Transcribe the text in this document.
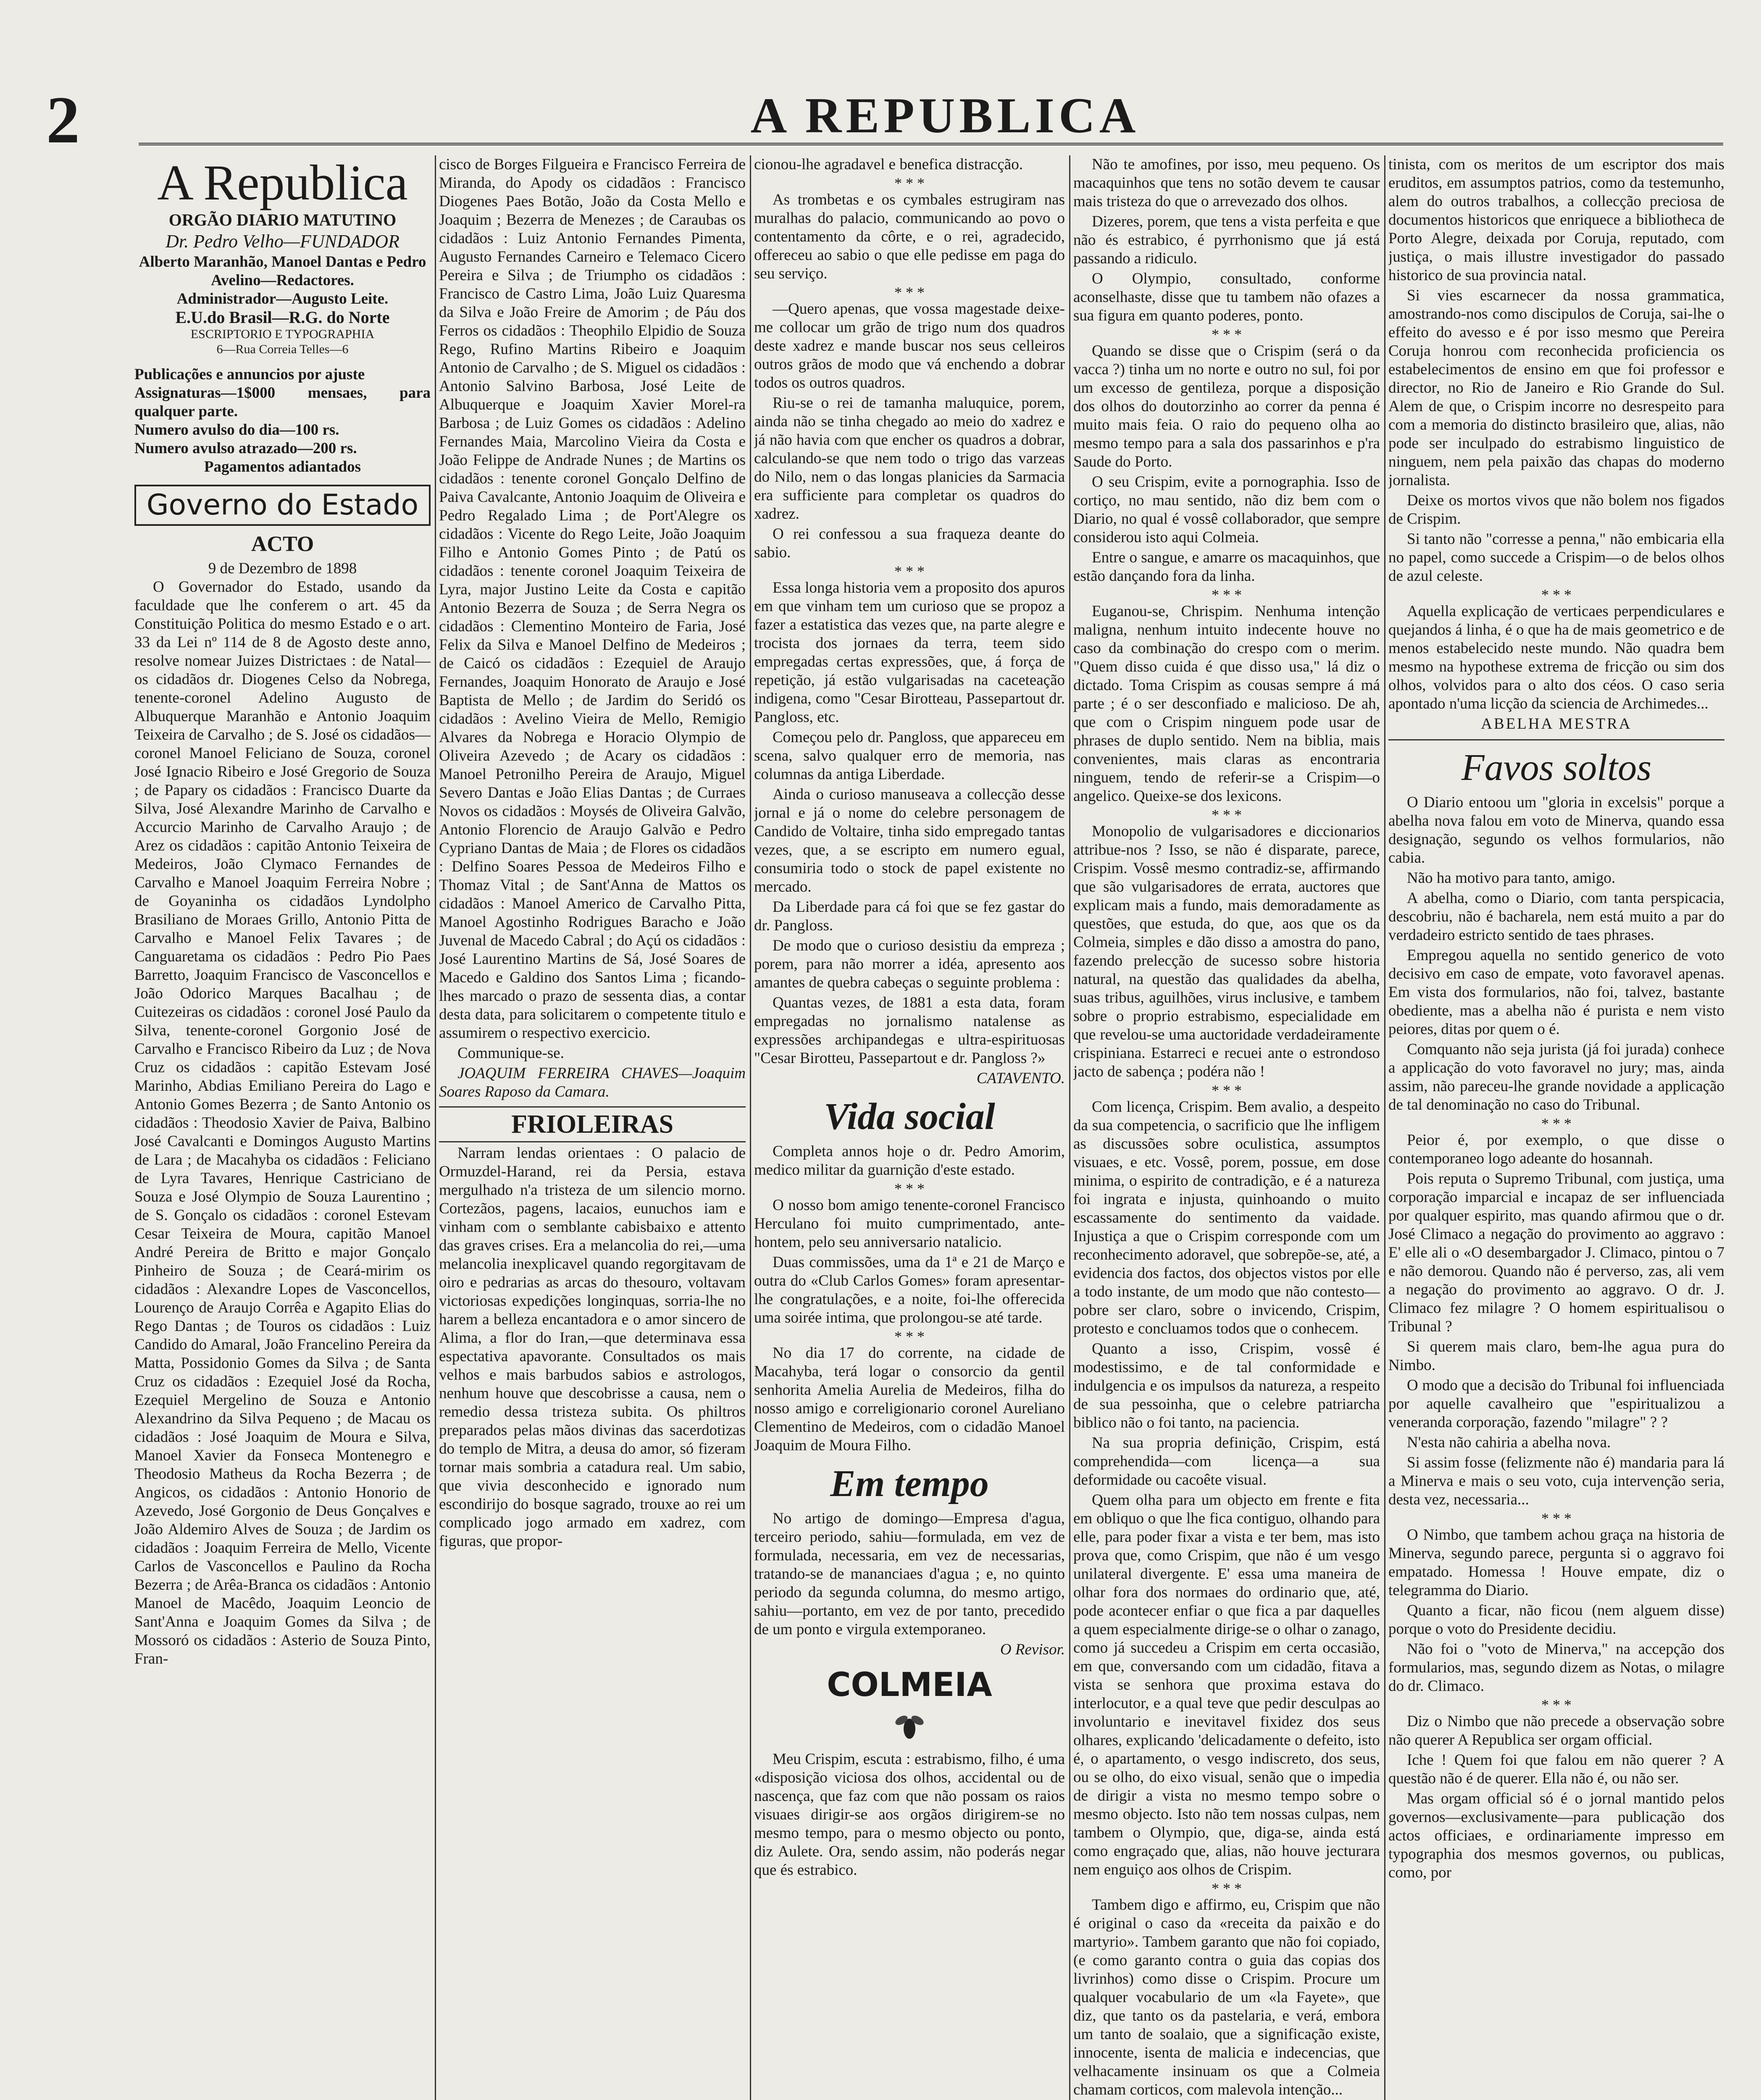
2	A REPUBLICA
A Republica
ORGÃO DIARIO MATUTINO
Dr. Pedro Velho—FUNDADOR
Alberto Maranhão, Manoel Dantas e Pedro Avelino—Redactores.
Administrador—Augusto Leite.
E.U.do Brasil—R.G. do Norte
ESCRIPTORIO E TYPOGRAPHIA
6—Rua Correia Telles—6
Publicações e annuncios por ajuste
Assignaturas—1$000 mensaes, para qualquer parte.
Numero avulso do dia—100 rs.
Numero avulso atrazado—200 rs.
Pagamentos adiantados
Governo do Estado
ACTO
9 de Dezembro de 1898

O Governador do Estado, usando da faculdade que lhe conferem o art. 45 da Constituição Politica do mesmo Estado e o art. 33 da Lei nº 114 de 8 de Agosto deste anno, resolve nomear Juizes Districtaes : de Natal—os cidadãos dr. Diogenes Celso da Nobrega, tenente-coronel Adelino Augusto de Albuquerque Maranhão e Antonio Joaquim Teixeira de Carvalho ; de S. José os cidadãos—coronel Manoel Feliciano de Souza, coronel José Ignacio Ribeiro e José Gregorio de Souza ; de Papary os cidadãos : Francisco Duarte da Silva, José Alexandre Marinho de Carvalho e Accurcio Marinho de Carvalho Araujo ; de Arez os cidadãos : capitão Antonio Teixeira de Medeiros, João Clymaco Fernandes de Carvalho e Manoel Joaquim Ferreira Nobre ; de Goyaninha os cidadãos Lyndolpho Brasiliano de Moraes Grillo, Antonio Pitta de Carvalho e Manoel Felix Tavares ; de Canguaretama os cidadãos : Pedro Pio Paes Barretto, Joaquim Francisco de Vasconcellos e João Odorico Marques Bacalhau ; de Cuitezeiras os cidadãos : coronel José Paulo da Silva, tenente-coronel Gorgonio José de Carvalho e Francisco Ribeiro da Luz ; de Nova Cruz os cidadãos : capitão Estevam José Marinho, Abdias Emiliano Pereira do Lago e Antonio Gomes Bezerra ; de Santo Antonio os cidadãos : Theodosio Xavier de Paiva, Balbino José Cavalcanti e Domingos Augusto Martins de Lara ; de Macahyba os cidadãos : Feliciano de Lyra Tavares, Henrique Castriciano de Souza e José Olympio de Souza Laurentino ; de S. Gonçalo os cidadãos : coronel Estevam Cesar Teixeira de Moura, capitão Manoel André Pereira de Britto e major Gonçalo Pinheiro de Souza ; de Ceará-mirim os cidadãos : Alexandre Lopes de Vasconcellos, Lourenço de Araujo Corrêa e Agapito Elias do Rego Dantas ; de Touros os cidadãos : Luiz Candido do Amaral, João Francelino Pereira da Matta, Possidonio Gomes da Silva ; de Santa Cruz os cidadãos : Ezequiel José da Rocha, Ezequiel Mergelino de Souza e Antonio Alexandrino da Silva Pequeno ; de Macau os cidadãos : José Joaquim de Moura e Silva, Manoel Xavier da Fonseca Montenegro e Theodosio Matheus da Rocha Bezerra ; de Angicos, os cidadãos : Antonio Honorio de Azevedo, José Gorgonio de Deus Gonçalves e João Aldemiro Alves de Souza ; de Jardim os cidadãos : Joaquim Ferreira de Mello, Vicente Carlos de Vasconcellos e Paulino da Rocha Bezerra ; de Arêa-Branca os cidadãos : Antonio Manoel de Macêdo, Joaquim Leoncio de Sant'Anna e Joaquim Gomes da Silva ; de Mossoró os cidadãos : Asterio de Souza Pinto, Fran-

cisco de Borges Filgueira e Francisco Ferreira de Miranda, do Apody os cidadãos : Francisco Diogenes Paes Botão, João da Costa Mello e Joaquim ; Bezerra de Menezes ; de Caraubas os cidadãos : Luiz Antonio Fernandes Pimenta, Augusto Fernandes Carneiro e Telemaco Cicero Pereira e Silva ; de Triumpho os cidadãos : Francisco de Castro Lima, João Luiz Quaresma da Silva e João Freire de Amorim ; de Páu dos Ferros os cidadãos : Theophilo Elpidio de Souza Rego, Rufino Martins Ribeiro e Joaquim Antonio de Carvalho ; de S. Miguel os cidadãos : Antonio Salvino Barbosa, José Leite de Albuquerque e Joaquim Xavier Morel-ra Barbosa ; de Luiz Gomes os cidadãos : Adelino Fernandes Maia, Marcolino Vieira da Costa e João Felippe de Andrade Nunes ; de Martins os cidadãos : tenente coronel Gonçalo Delfino de Paiva Cavalcante, Antonio Joaquim de Oliveira e Pedro Regalado Lima ; de Port'Alegre os cidadãos : Vicente do Rego Leite, João Joaquim Filho e Antonio Gomes Pinto ; de Patú os cidadãos : tenente coronel Joaquim Teixeira de Lyra, major Justino Leite da Costa e capitão Antonio Bezerra de Souza ; de Serra Negra os cidadãos : Clementino Monteiro de Faria, José Felix da Silva e Manoel Delfino de Medeiros ; de Caicó os cidadãos : Ezequiel de Araujo Fernandes, Joaquim Honorato de Araujo e José Baptista de Mello ; de Jardim do Seridó os cidadãos : Avelino Vieira de Mello, Remigio Alvares da Nobrega e Horacio Olympio de Oliveira Azevedo ; de Acary os cidadãos : Manoel Petronilho Pereira de Araujo, Miguel Severo Dantas e João Elias Dantas ; de Curraes Novos os cidadãos : Moysés de Oliveira Galvão, Antonio Florencio de Araujo Galvão e Pedro Cypriano Dantas de Maia ; de Flores os cidadãos : Delfino Soares Pessoa de Medeiros Filho e Thomaz Vital ; de Sant'Anna de Mattos os cidadãos : Manoel Americo de Carvalho Pitta, Manoel Agostinho Rodrigues Baracho e João Juvenal de Macedo Cabral ; do Açú os cidadãos : José Laurentino Martins de Sá, José Soares de Macedo e Galdino dos Santos Lima ; ficando-lhes marcado o prazo de sessenta dias, a contar desta data, para solicitarem o competente titulo e assumirem o respectivo exercicio.

Communique-se.

JOAQUIM FERREIRA CHAVES—Joaquim Soares Raposo da Camara.

FRIOLEIRAS

Narram lendas orientaes : O palacio de Ormuzdel-Harand, rei da Persia, estava mergulhado n'a tristeza de um silencio morno. Cortezãos, pagens, lacaios, eunuchos iam e vinham com o semblante cabisbaixo e attento das graves crises. Era a melancolia do rei,—uma melancolia inexplicavel quando regorgitavam de oiro e pedrarias as arcas do thesouro, voltavam victoriosas expedições longinquas, sorria-lhe no harem a belleza encantadora e o amor sincero de Alima, a flor do Iran,—que determinava essa espectativa apavorante. Consultados os mais velhos e mais barbudos sabios e astrologos, nenhum houve que descobrisse a causa, nem o remedio dessa tristeza subita. Os philtros preparados pelas mãos divinas das sacerdotizas do templo de Mitra, a deusa do amor, só fizeram tornar mais sombria a catadura real. Um sabio, que vivia desconhecido e ignorado num escondirijo do bosque sagrado, trouxe ao rei um complicado jogo armado em xadrez, com figuras, que propor-

cionou-lhe agradavel e benefica distracção.

* * *

As trombetas e os cymbales estrugiram nas muralhas do palacio, communicando ao povo o contentamento da côrte, e o rei, agradecido, offereceu ao sabio o que elle pedisse em paga do seu serviço.

* * *

—Quero apenas, que vossa magestade deixe-me collocar um grão de trigo num dos quadros deste xadrez e mande buscar nos seus celleiros outros grãos de modo que vá enchendo a dobrar todos os outros quadros.

Riu-se o rei de tamanha maluquice, porem, ainda não se tinha chegado ao meio do xadrez e já não havia com que encher os quadros a dobrar, calculando-se que nem todo o trigo das varzeas do Nilo, nem o das longas planicies da Sarmacia era sufficiente para completar os quadros do xadrez.

O rei confessou a sua fraqueza deante do sabio.

* * *

Essa longa historia vem a proposito dos apuros em que vinham tem um curioso que se propoz a fazer a estatistica das vezes que, na parte alegre e trocista dos jornaes da terra, teem sido empregadas certas expressões, que, á força de repetição, já estão vulgarisadas na caceteação indigena, como "Cesar Birotteau, Passepartout dr. Pangloss, etc.

Começou pelo dr. Pangloss, que appareceu em scena, salvo qualquer erro de memoria, nas columnas da antiga Liberdade.

Ainda o curioso manuseava a collecção desse jornal e já o nome do celebre personagem de Candido de Voltaire, tinha sido empregado tantas vezes, que, a se escripto em numero egual, consumiria todo o stock de papel existente no mercado.

Da Liberdade para cá foi que se fez gastar do dr. Pangloss.

De modo que o curioso desistiu da empreza ; porem, para não morrer a idéa, apresento aos amantes de quebra cabeças o seguinte problema :

Quantas vezes, de 1881 a esta data, foram empregadas no jornalismo natalense as expressões archipandegas e ultra-espirituosas "Cesar Birotteu, Passepartout e dr. Pangloss ?»

CATAVENTO.
Vida social

Completa annos hoje o dr. Pedro Amorim, medico militar da guarnição d'este estado.

* * *

O nosso bom amigo tenente-coronel Francisco Herculano foi muito cumprimentado, ante-hontem, pelo seu anniversario natalicio.

Duas commissões, uma da 1ª e 21 de Março e outra do «Club Carlos Gomes» foram apresentar-lhe congratulações, e a noite, foi-lhe offerecida uma soirée intima, que prolongou-se até tarde.

* * *

No dia 17 do corrente, na cidade de Macahyba, terá logar o consorcio da gentil senhorita Amelia Aurelia de Medeiros, filha do nosso amigo e correligionario coronel Aureliano Clementino de Medeiros, com o cidadão Manoel Joaquim de Moura Filho.

Em tempo

No artigo de domingo—Empresa d'agua, terceiro periodo, sahiu—formulada, em vez de formulada, necessaria, em vez de necessarias, tratando-se de mananciaes d'agua ; e, no quinto periodo da segunda columna, do mesmo artigo, sahiu—portanto, em vez de por tanto, precedido de um ponto e virgula extemporaneo.

O Revisor.
COLMEIA

Meu Crispim, escuta : estrabismo, filho, é uma «disposição viciosa dos olhos, accidental ou de nascença, que faz com que não possam os raios visuaes dirigir-se aos orgãos dirigirem-se no mesmo tempo, para o mesmo objecto ou ponto, diz Aulete. Ora, sendo assim, não poderás negar que és estrabico.

Não te amofines, por isso, meu pequeno. Os macaquinhos que tens no sotão devem te causar mais tristeza do que o arrevezado dos olhos.

Dizeres, porem, que tens a vista perfeita e que não és estrabico, é pyrrhonismo que já está passando a ridiculo.

O Olympio, consultado, conforme aconselhaste, disse que tu tambem não ofazes a sua figura em quanto poderes, ponto.

* * *

Quando se disse que o Crispim (será o da vacca ?) tinha um no norte e outro no sul, foi por um excesso de gentileza, porque a disposição dos olhos do doutorzinho ao correr da penna é muito mais feia. O raio do pequeno olha ao mesmo tempo para a sala dos passarinhos e p'ra Saude do Porto.

O seu Crispim, evite a pornographia. Isso de cortiço, no mau sentido, não diz bem com o Diario, no qual é vossê collaborador, que sempre considerou isto aqui Colmeia.

Entre o sangue, e amarre os macaquinhos, que estão dançando fora da linha.

* * *

Euganou-se, Chrispim. Nenhuma intenção maligna, nenhum intuito indecente houve no caso da combinação do crespo com o merim. "Quem disso cuida é que disso usa," lá diz o dictado. Toma Crispim as cousas sempre á má parte ; é o ser desconfiado e malicioso. De ah, que com o Crispim ninguem pode usar de phrases de duplo sentido. Nem na biblia, mais convenientes, mais claras as encontraria ninguem, tendo de referir-se a Crispim—o angelico. Queixe-se dos lexicons.

* * *

Monopolio de vulgarisadores e diccionarios attribue-nos ? Isso, se não é disparate, parece, Crispim. Vossê mesmo contradiz-se, affirmando que são vulgarisadores de errata, auctores que explicam mais a fundo, mais demoradamente as questões, que estuda, do que, aos que os da Colmeia, simples e dão disso a amostra do pano, fazendo prelecção de sucesso sobre historia natural, na questão das qualidades da abelha, suas tribus, aguilhões, virus inclusive, e tambem sobre o proprio estrabismo, especialidade em que revelou-se uma auctoridade verdadeiramente crispiniana. Estarreci e recuei ante o estrondoso jacto de sabença ; podéra não !

* * *

Com licença, Crispim. Bem avalio, a despeito da sua competencia, o sacrificio que lhe infligem as discussões sobre oculistica, assumptos visuaes, e etc. Vossê, porem, possue, em dose minima, o espirito de contradição, e é a natureza foi ingrata e injusta, quinhoando o muito escassamente do sentimento da vaidade. Injustiça a que o Crispim corresponde com um reconhecimento adoravel, que sobrepõe-se, até, a evidencia dos factos, dos objectos vistos por elle a todo instante, de um modo que não contesto—pobre ser claro, sobre o invicendo, Crispim, protesto e concluamos todos que o conhecem.

Quanto a isso, Crispim, vossê é modestissimo, e de tal conformidade e indulgencia e os impulsos da natureza, a respeito de sua pessoinha, que o celebre patriarcha biblico não o foi tanto, na paciencia.

Na sua propria definição, Crispim, está comprehendida—com licença—a sua deformidade ou cacoête visual.

Quem olha para um objecto em frente e fita em obliquo o que lhe fica contiguo, olhando para elle, para poder fixar a vista e ter bem, mas isto prova que, como Crispim, que não é um vesgo unilateral divergente. E' essa uma maneira de olhar fora dos normaes do ordinario que, até, pode acontecer enfiar o que fica a par daquelles a quem especialmente dirige-se o olhar o zanago, como já succedeu a Crispim em certa occasião, em que, conversando com um cidadão, fitava a vista se senhora que proxima estava do interlocutor, e a qual teve que pedir desculpas ao involuntario e inevitavel fixidez dos seus olhares, explicando 'delicadamente o defeito, isto é, o apartamento, o vesgo indiscreto, dos seus, ou se olho, do eixo visual, senão que o impedia de dirigir a vista no mesmo tempo sobre o mesmo objecto. Isto não tem nossas culpas, nem tambem o Olympio, que, diga-se, ainda está como engraçado que, alias, não houve jecturara nem enguiço aos olhos de Crispim.

* * *

Tambem digo e affirmo, eu, Crispim que não é original o caso da «receita da paixão e do martyrio». Tambem garanto que não foi copiado, (e como garanto contra o guia das copias dos livrinhos) como disse o Crispim. Procure um qualquer vocabulario de um «la Fayete», que diz, que tanto os da pastelaria, e verá, embora um tanto de soalaio, que a significação existe, innocente, isenta de malicia e indecencias, que velhacamente insinuam os que a Colmeia chamam corticos, com malevola intenção...

tinista, com os meritos de um escriptor dos mais eruditos, em assumptos patrios, como da testemunho, alem do outros trabalhos, a collecção preciosa de documentos historicos que enriquece a bibliotheca de Porto Alegre, deixada por Coruja, reputado, com justiça, o mais illustre investigador do passado historico de sua provincia natal.

Si vies escarnecer da nossa grammatica, amostrando-nos como discipulos de Coruja, sai-lhe o effeito do avesso e é por isso mesmo que Pereira Coruja honrou com reconhecida proficiencia os estabelecimentos de ensino em que foi professor e director, no Rio de Janeiro e Rio Grande do Sul. Alem de que, o Crispim incorre no desrespeito para com a memoria do distincto brasileiro que, alias, não pode ser inculpado do estrabismo linguistico de ninguem, nem pela paixão das chapas do moderno jornalista.

Deixe os mortos vivos que não bolem nos figados de Crispim.

Si tanto não "corresse a penna," não embicaria ella no papel, como succede a Crispim—o de belos olhos de azul celeste.

* * *

Aquella explicação de verticaes perpendiculares e quejandos á linha, é o que ha de mais geometrico e de menos estabelecido neste mundo. Não quadra bem mesmo na hypothese extrema de fricção ou sim dos olhos, volvidos para o alto dos céos. O caso seria apontado n'uma licção da sciencia de Archimedes...

ABELHA MESTRA
Favos soltos

O Diario entoou um "gloria in excelsis" porque a abelha nova falou em voto de Minerva, quando essa designação, segundo os velhos formularios, não cabia.

Não ha motivo para tanto, amigo.

A abelha, como o Diario, com tanta perspicacia, descobriu, não é bacharela, nem está muito a par do verdadeiro estricto sentido de taes phrases.

Empregou aquella no sentido generico de voto decisivo em caso de empate, voto favoravel apenas. Em vista dos formularios, não foi, talvez, bastante obediente, mas a abelha não é purista e nem visto peiores, ditas por quem o é.

Comquanto não seja jurista (já foi jurada) conhece a applicação do voto favoravel no jury; mas, ainda assim, não pareceu-lhe grande novidade a applicação de tal denominação no caso do Tribunal.

* * *

Peior é, por exemplo, o que disse o contemporaneo logo adeante do hosannah.

Pois reputa o Supremo Tribunal, com justiça, uma corporação imparcial e incapaz de ser influenciada por qualquer espirito, mas quando afirmou que o dr. José Climaco a negação do provimento ao aggravo : E' elle ali o «O desembargador J. Climaco, pintou o 7 e não demorou. Quando não é perverso, zas, ali vem a negação do provimento ao aggravo. O dr. J. Climaco fez milagre ? O homem espiritualisou o Tribunal ?

Si querem mais claro, bem-lhe agua pura do Nimbo.

O modo que a decisão do Tribunal foi influenciada por aquelle cavalheiro que "espiritualizou a veneranda corporação, fazendo "milagre" ? ?

N'esta não cahiria a abelha nova.

Si assim fosse (felizmente não é) mandaria para lá a Minerva e mais o seu voto, cuja intervenção seria, desta vez, necessaria...

* * *

O Nimbo, que tambem achou graça na historia de Minerva, segundo parece, pergunta si o aggravo foi empatado. Homessa ! Houve empate, diz o telegramma do Diario.

Quanto a ficar, não ficou (nem alguem disse) porque o voto do Presidente decidiu.

Não foi o "voto de Minerva," na accepção dos formularios, mas, segundo dizem as Notas, o milagre do dr. Climaco.

* * *

Diz o Nimbo que não precede a observação sobre não querer A Republica ser orgam official.

Iche ! Quem foi que falou em não querer ? A questão não é de querer. Ella não é, ou não ser.

Mas orgam official só é o jornal mantido pelos governos—exclusivamente—para publicação dos actos officiaes, e ordinariamente impresso em typographia dos mesmos governos, ou publicas, como, por
